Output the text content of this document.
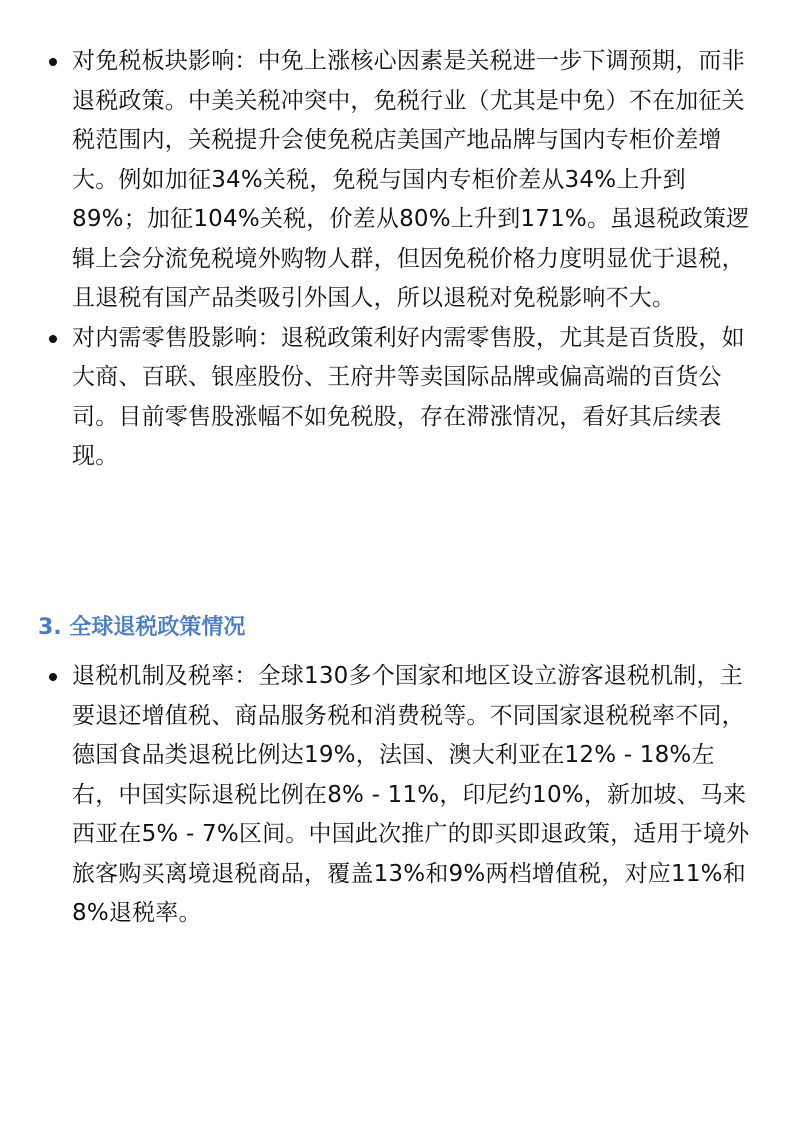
对免税板块影响：中免上涨核心因素是关税进一步下调预期，而非退税政策。中美关税冲突中，免税行业（尤其是中免）不在加征关税范围内，关税提升会使免税店美国产地品牌与国内专柜价差增大。例如加征34%关税，免税与国内专柜价差从34%上升到89%；加征104%关税，价差从80%上升到171%。虽退税政策逻辑上会分流免税境外购物人群，但因免税价格力度明显优于退税，且退税有国产品类吸引外国人，所以退税对免税影响不大。
对内需零售股影响：退税政策利好内需零售股，尤其是百货股，如大商、百联、银座股份、王府井等卖国际品牌或偏高端的百货公司。目前零售股涨幅不如免税股，存在滞涨情况，看好其后续表现。
3. 全球退税政策情况
退税机制及税率：全球130多个国家和地区设立游客退税机制，主要退还增值税、商品服务税和消费税等。不同国家退税税率不同，德国食品类退税比例达19%，法国、澳大利亚在12% - 18%左右，中国实际退税比例在8% - 11%，印尼约10%，新加坡、马来西亚在5% - 7%区间。中国此次推广的即买即退政策，适用于境外旅客购买离境退税商品，覆盖13%和9%两档增值税，对应11%和8%退税率。
